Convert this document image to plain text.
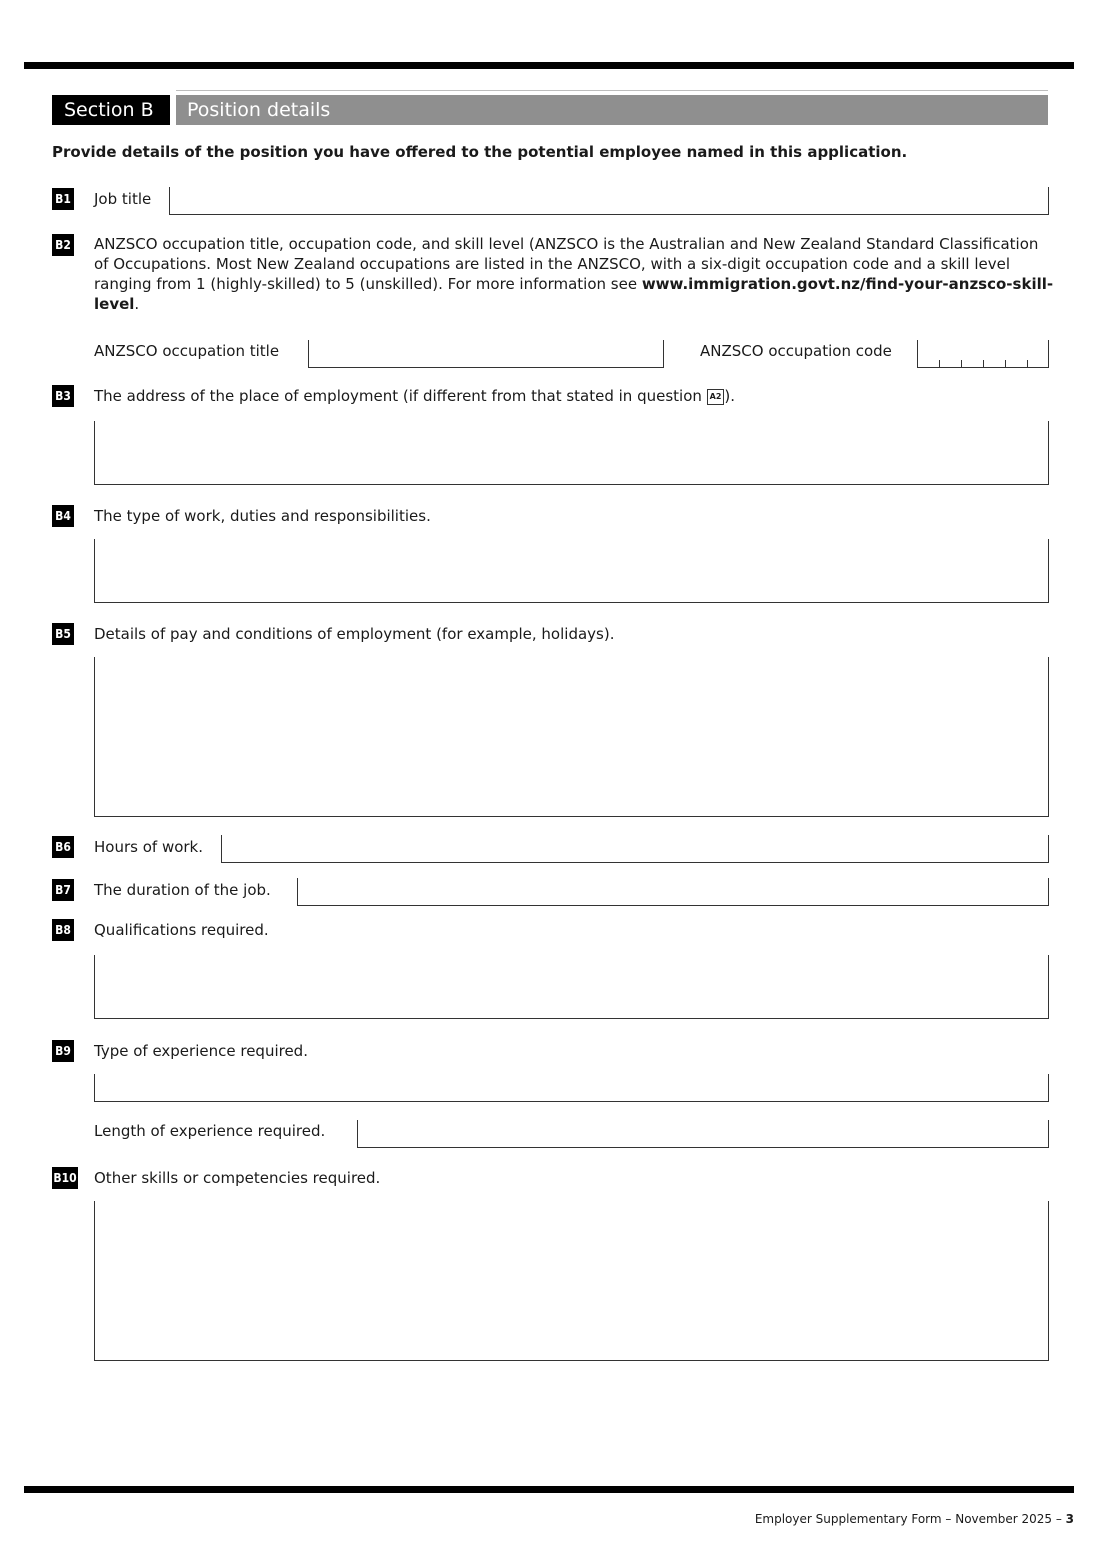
Section B	Position details
Provide details of the position you have offered to the potential employee named in this application.
B1 Job title
B2 ANZSCO occupation title, occupation code, and skill level (ANZSCO is the Australian and New Zealand Standard Classification of Occupations. Most New Zealand occupations are listed in the ANZSCO, with a six-digit occupation code and a skill level ranging from 1 (highly-skilled) to 5 (unskilled). For more information see www.immigration.govt.nz/find-your-anzsco-skill-level.
ANZSCO occupation title	ANZSCO occupation code
B3 The address of the place of employment (if different from that stated in question A2 ).
B4 The type of work, duties and responsibilities.
B5 Details of pay and conditions of employment (for example, holidays).
B6 Hours of work.
B7 The duration of the job.
B8 Qualifications required.
B9 Type of experience required.
Length of experience required.
B10 Other skills or competencies required.
Employer Supplementary Form – November 2025 – 3
